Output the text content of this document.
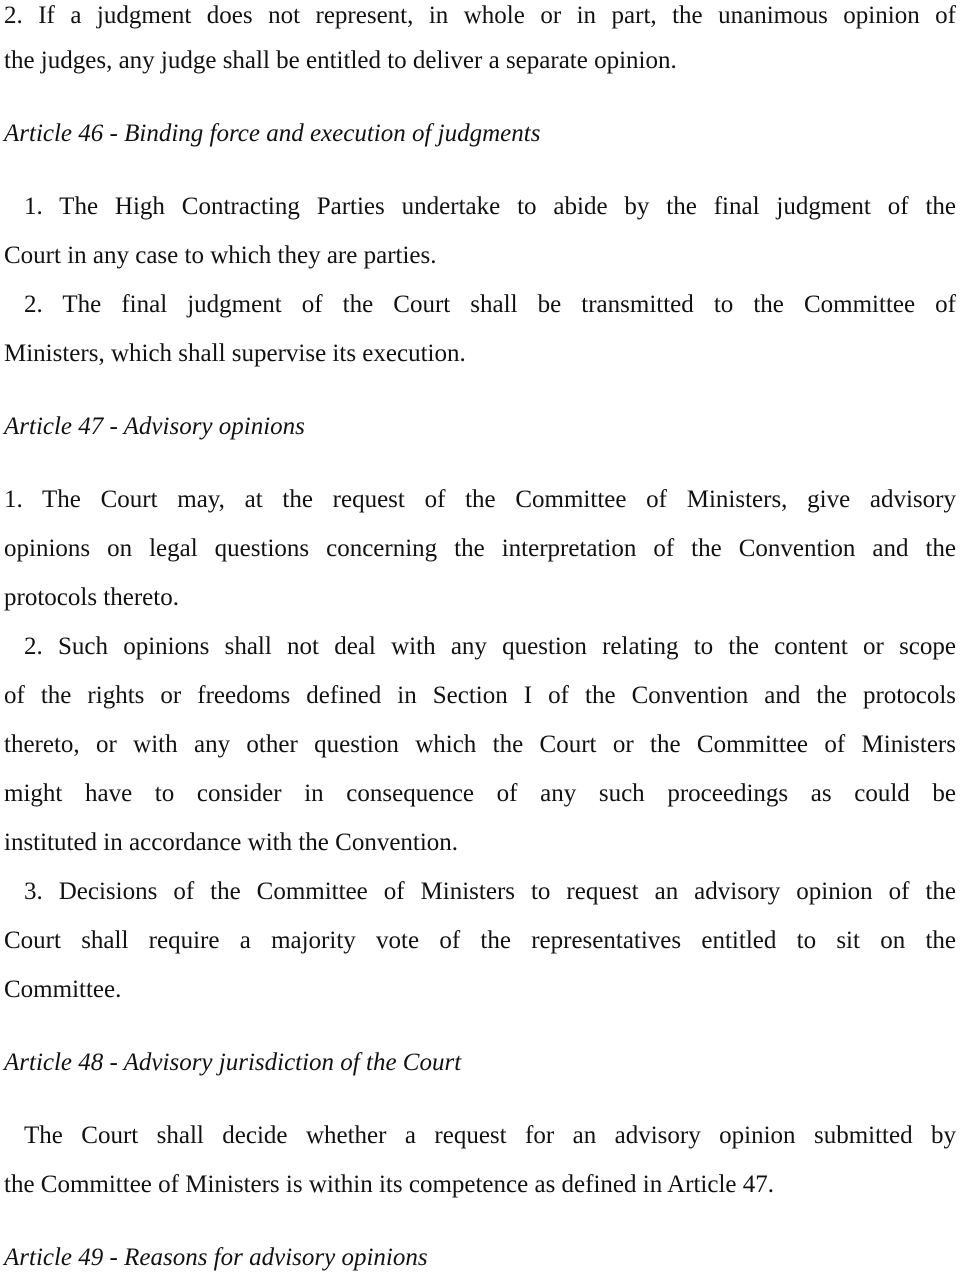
2. If a judgment does not represent, in whole or in part, the unanimous opinion of
the judges, any judge shall be entitled to deliver a separate opinion.
Article 46 - Binding force and execution of judgments
1. The High Contracting Parties undertake to abide by the final judgment of the
Court in any case to which they are parties.
2. The final judgment of the Court shall be transmitted to the Committee of
Ministers, which shall supervise its execution.
Article 47 - Advisory opinions
1. The Court may, at the request of the Committee of Ministers, give advisory
opinions on legal questions concerning the interpretation of the Convention and the
protocols thereto.
2. Such opinions shall not deal with any question relating to the content or scope
of the rights or freedoms defined in Section I of the Convention and the protocols
thereto, or with any other question which the Court or the Committee of Ministers
might have to consider in consequence of any such proceedings as could be
instituted in accordance with the Convention.
3. Decisions of the Committee of Ministers to request an advisory opinion of the
Court shall require a majority vote of the representatives entitled to sit on the
Committee.
Article 48 - Advisory jurisdiction of the Court
The Court shall decide whether a request for an advisory opinion submitted by
the Committee of Ministers is within its competence as defined in Article 47.
Article 49 - Reasons for advisory opinions
